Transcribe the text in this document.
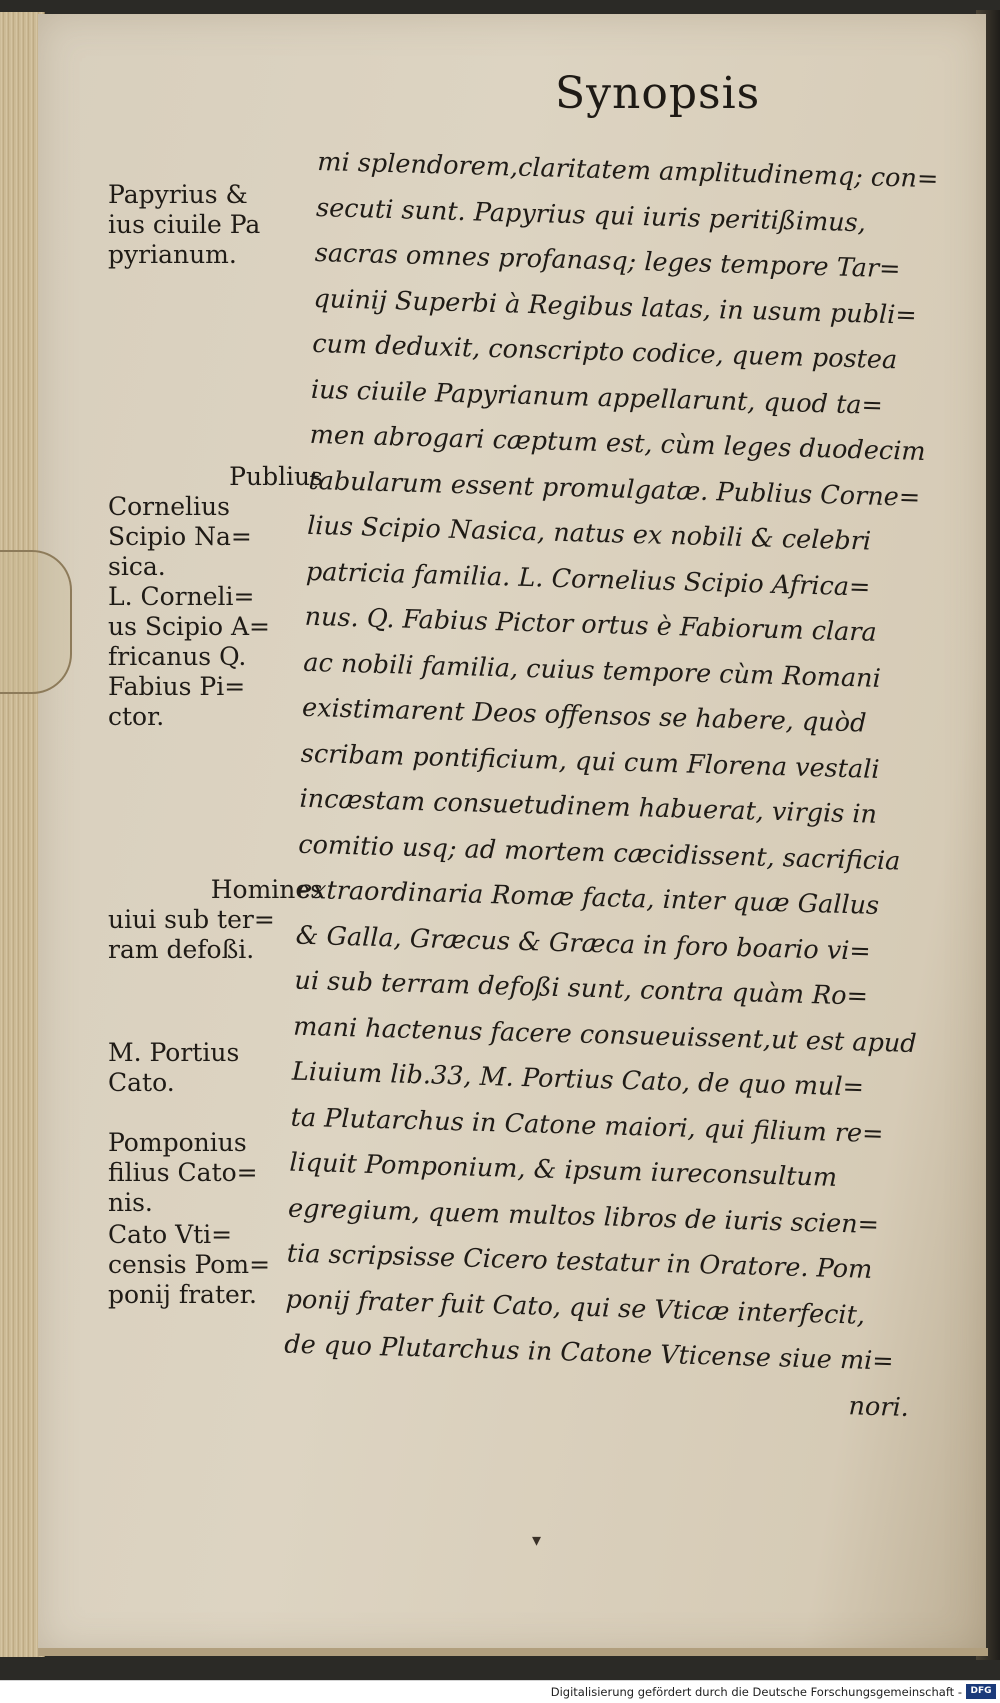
Synopsis
mi splendorem,claritatem amplitudinemq; con=
secuti sunt. Papyrius qui iuris peritißimus,
sacras omnes profanasq; leges tempore Tar=
quinij Superbi à Regibus latas, in usum publi=
cum deduxit, conscripto codice, quem postea
ius ciuile Papyrianum appellarunt, quod ta=
men abrogari cæptum est, cùm leges duodecim
tabularum essent promulgatæ. Publius Corne=
lius Scipio Nasica, natus ex nobili & celebri
patricia familia. L. Cornelius Scipio Africa=
nus. Q. Fabius Pictor ortus è Fabiorum clara
ac nobili familia, cuius tempore cùm Romani
existimarent Deos offensos se habere, quòd
scribam pontificium, qui cum Florena vestali
incæstam consuetudinem habuerat, virgis in
comitio usq; ad mortem cæcidissent, sacrificia
extraordinaria Romæ facta, inter quæ Gallus
& Galla, Græcus & Græca in foro boario vi=
ui sub terram defoßi sunt, contra quàm Ro=
mani hactenus facere consueuissent,ut est apud
Liuium lib.33, M. Portius Cato, de quo mul=
ta Plutarchus in Catone maiori, qui filium re=
liquit Pomponium, & ipsum iureconsultum
egregium, quem multos libros de iuris scien=
tia scripsisse Cicero testatur in Oratore. Pom
ponij frater fuit Cato, qui se Vticæ interfecit,
de quo Plutarchus in Catone Vticense siue mi=
nori.
Papyrius &
ius ciuile Pa
pyrianum.
Publius
Cornelius
Scipio Na=
sica.
L. Corneli=
us Scipio A=
fricanus Q.
Fabius Pi=
ctor.
Homines
uiui sub ter=
ram defoßi.
M. Portius
Cato.
Pomponius
filius Cato=
nis.
Cato Vti=
censis Pom=
ponij frater.
▾
Digitalisierung gefördert durch die Deutsche Forschungsgemeinschaft - DFG
